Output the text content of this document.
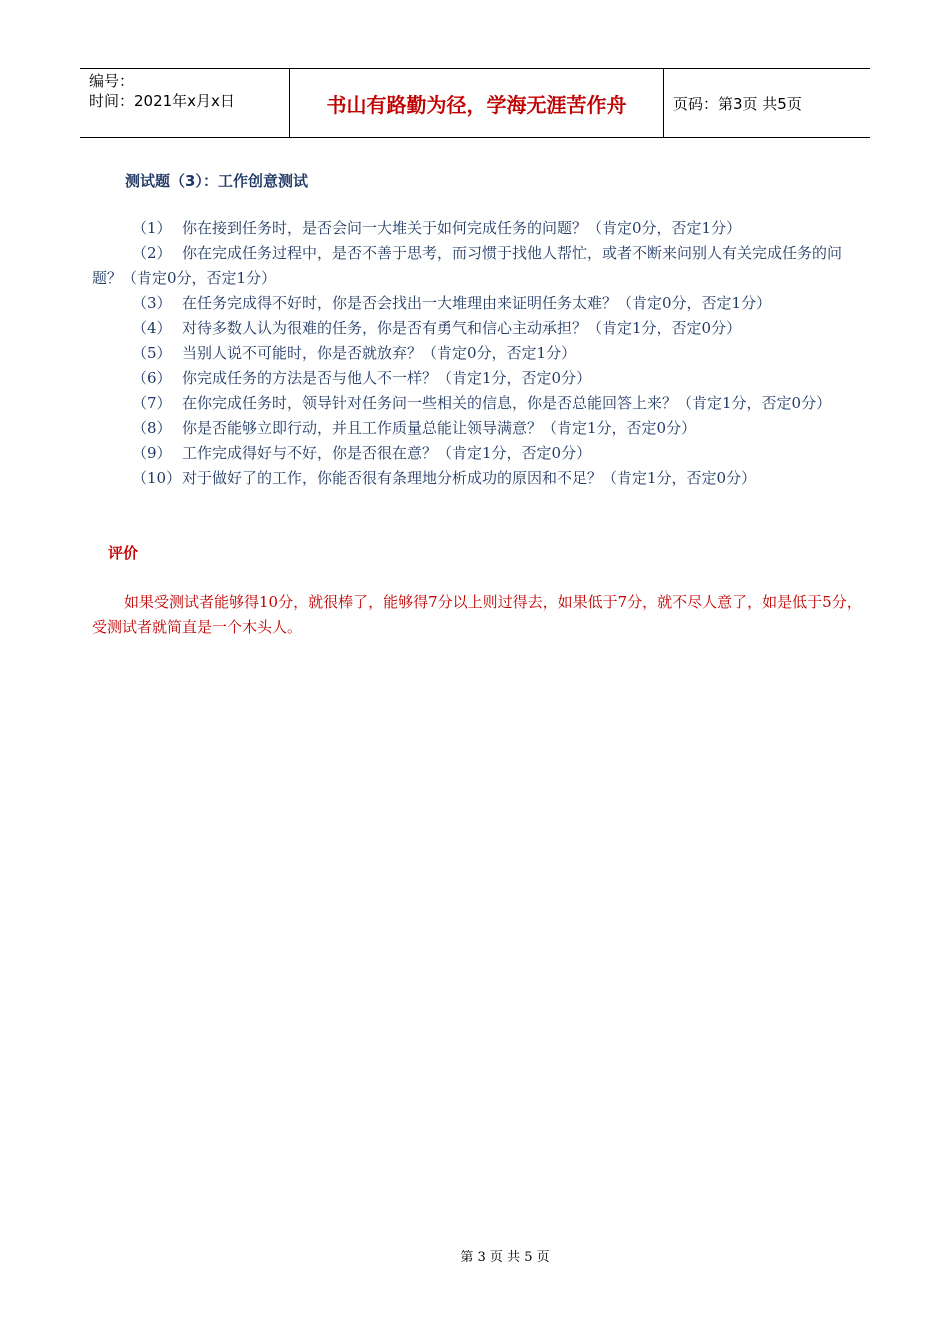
编号：
时间：2021年x月x日	书山有路勤为径，学海无涯苦作舟	页码：第3页 共5页
测试题（3）：工作创意测试
（1） 你在接到任务时，是否会问一大堆关于如何完成任务的问题？（肯定0分，否定1分）
（2） 你在完成任务过程中，是否不善于思考，而习惯于找他人帮忙，或者不断来问别人有关完成任务的问题？（肯定0分，否定1分）
（3） 在任务完成得不好时，你是否会找出一大堆理由来证明任务太难？（肯定0分，否定1分）
（4） 对待多数人认为很难的任务，你是否有勇气和信心主动承担？（肯定1分，否定0分）
（5） 当别人说不可能时，你是否就放弃？（肯定0分，否定1分）
（6） 你完成任务的方法是否与他人不一样？（肯定1分，否定0分）
（7） 在你完成任务时，领导针对任务问一些相关的信息，你是否总能回答上来？（肯定1分，否定0分）
（8） 你是否能够立即行动，并且工作质量总能让领导满意？（肯定1分，否定0分）
（9） 工作完成得好与不好，你是否很在意？（肯定1分，否定0分）
（10）对于做好了的工作，你能否很有条理地分析成功的原因和不足？（肯定1分，否定0分）
评价
如果受测试者能够得10分，就很棒了，能够得7分以上则过得去，如果低于7分，就不尽人意了，如是低于5分，受测试者就简直是一个木头人。
第 3 页 共 5 页
